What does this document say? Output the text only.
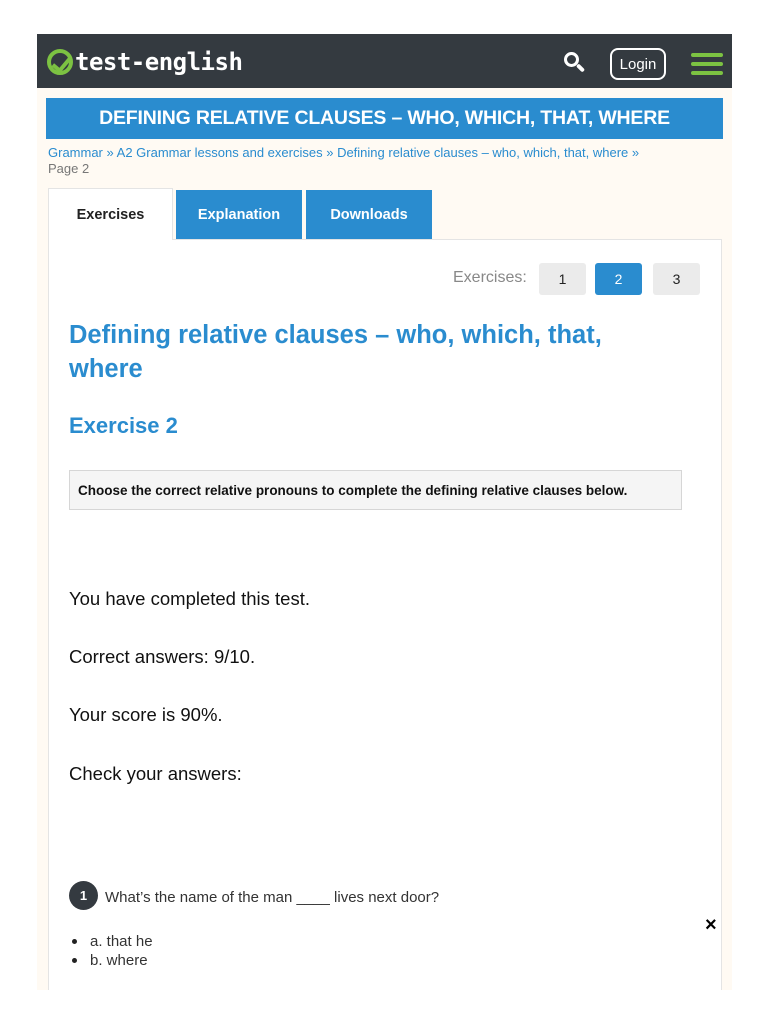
test-english	Login
DEFINING RELATIVE CLAUSES – WHO, WHICH, THAT, WHERE
Grammar » A2 Grammar lessons and exercises » Defining relative clauses – who, which, that, where »
Page 2
Exercises	Explanation	Downloads
Exercises:	1	2	3
Defining relative clauses – who, which, that, where
Exercise 2
Choose the correct relative pronouns to complete the defining relative clauses below.

You have completed this test.

Correct answers: 9/10.

Your score is 90%.

Check your answers:

1	What’s the name of the man ____ lives next door?

a. that he
b. where
×
